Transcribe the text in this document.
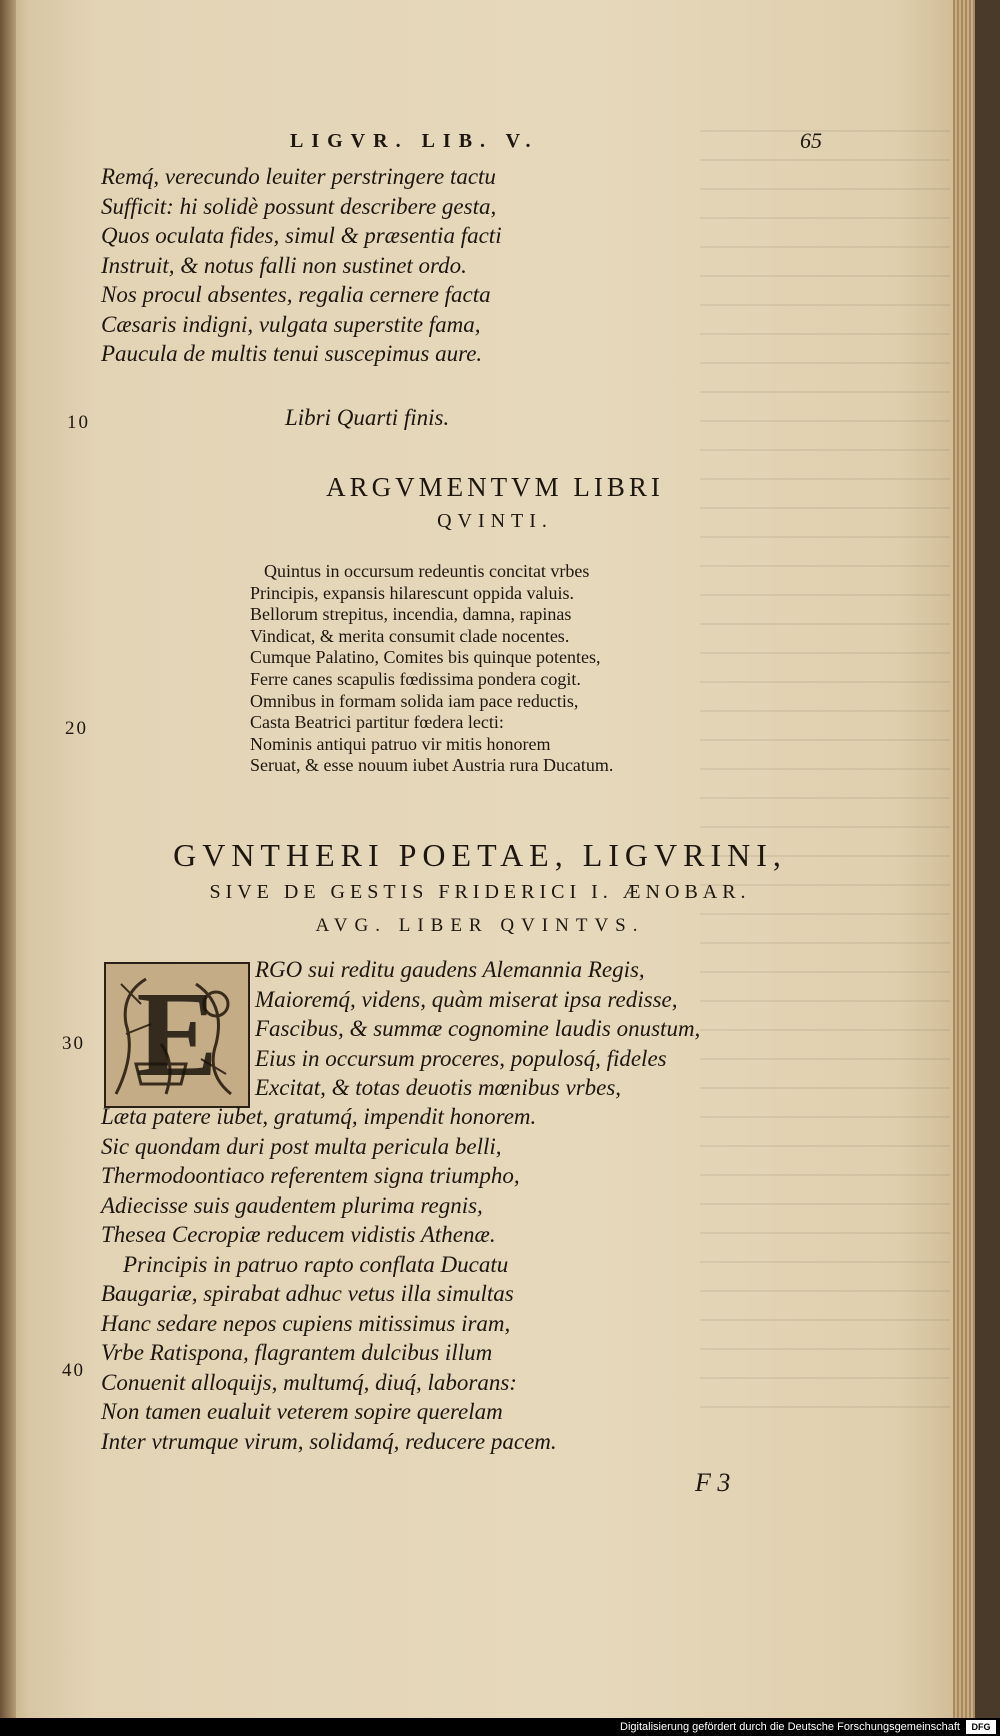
LIGVR. LIB. V.	65
Remq́, verecundo leuiter perstringere tactu
Sufficit: hi solidè possunt describere gesta,
Quos oculata fides, simul & præsentia facti
Instruit, & notus falli non sustinet ordo.
Nos procul absentes, regalia cernere facta
Cæsaris indigni, vulgata superstite fama,
Paucula de multis tenui suscepimus aure.
10	Libri Quarti finis.
ARGVMENTVM LIBRI
QVINTI.
Quintus in occursum redeuntis concitat vrbes
Principis, expansis hilarescunt oppida valuis.
Bellorum strepitus, incendia, damna, rapinas
Vindicat, & merita consumit clade nocentes.
Cumque Palatino, Comites bis quinque potentes,
Ferre canes scapulis fœdissima pondera cogit.
Omnibus in formam solida iam pace reductis,
Casta Beatrici partitur fœdera lecti:
Nominis antiqui patruo vir mitis honorem
Seruat, & esse nouum iubet Austria rura Ducatum.
20
GVNTHERI POETAE, LIGVRINI,
SIVE DE GESTIS FRIDERICI I. ÆNOBAR.
AVG. LIBER QVINTVS.
E	RGO sui reditu gaudens Alemannia Regis,
Maioremq́, videns, quàm miserat ipsa redisse,
Fascibus, & summæ cognomine laudis onustum,
Eius in occursum proceres, populosq́, fideles
Excitat, & totas deuotis mœnibus vrbes,
30
Læta patere iubet, gratumq́, impendit honorem.
Sic quondam duri post multa pericula belli,
Thermodoontiaco referentem signa triumpho,
Adiecisse suis gaudentem plurima regnis,
Thesea Cecropiæ reducem vidistis Athenæ.
Principis in patruo rapto conflata Ducatu
Baugariæ, spirabat adhuc vetus illa simultas
Hanc sedare nepos cupiens mitissimus iram,
Vrbe Ratispona, flagrantem dulcibus illum
Conuenit alloquijs, multumq́, diuq́, laborans:
Non tamen eualuit veterem sopire querelam
Inter vtrumque virum, solidamq́, reducere pacem.
40
F 3
Digitalisierung gefördert durch die Deutsche Forschungsgemeinschaft	DFG
